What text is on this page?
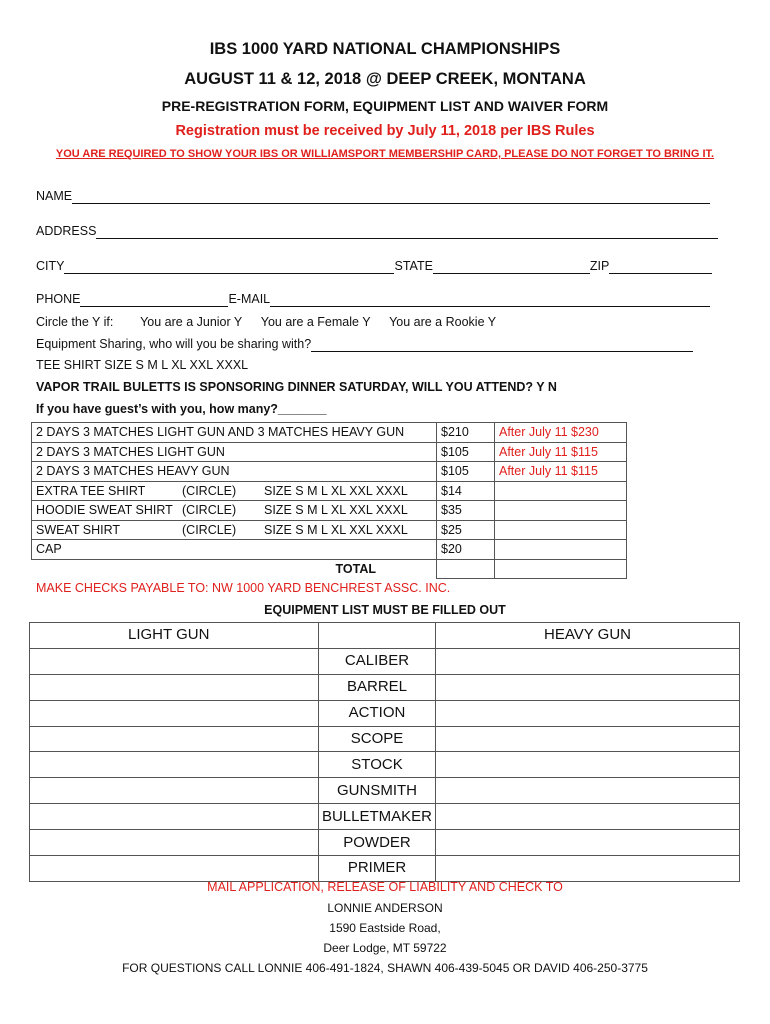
IBS 1000 YARD NATIONAL CHAMPIONSHIPS
AUGUST 11 & 12, 2018 @ DEEP CREEK, MONTANA
PRE-REGISTRATION FORM, EQUIPMENT LIST AND WAIVER FORM
Registration must be received by July 11, 2018 per IBS Rules
YOU ARE REQUIRED TO SHOW YOUR IBS OR WILLIAMSPORT MEMBERSHIP CARD, PLEASE DO NOT FORGET TO BRING IT.
NAME
ADDRESS
CITY	STATE	ZIP
PHONE	E-MAIL
Circle the Y if: You are a Junior Y You are a Female Y You are a Rookie Y
Equipment Sharing, who will you be sharing with?
TEE SHIRT SIZE S M L XL XXL XXXL
VAPOR TRAIL BULETTS IS SPONSORING DINNER SATURDAY, WILL YOU ATTEND? Y N
If you have guest’s with you, how many?_______
2 DAYS 3 MATCHES LIGHT GUN AND 3 MATCHES HEAVY GUN	$210	After July 11 $230
2 DAYS 3 MATCHES LIGHT GUN	$105	After July 11 $115
2 DAYS 3 MATCHES HEAVY GUN	$105	After July 11 $115
EXTRA TEE SHIRT (CIRCLE) SIZE S M L XL XXL XXXL	$14	
HOODIE SWEAT SHIRT (CIRCLE) SIZE S M L XL XXL XXXL	$35	
SWEAT SHIRT (CIRCLE) SIZE S M L XL XXL XXXL	$25	
CAP	$20	
TOTAL		
MAKE CHECKS PAYABLE TO: NW 1000 YARD BENCHREST ASSC. INC.
EQUIPMENT LIST MUST BE FILLED OUT
LIGHT GUN		HEAVY GUN
	CALIBER	
	BARREL	
	ACTION	
	SCOPE	
	STOCK	
	GUNSMITH	
	BULLETMAKER	
	POWDER	
	PRIMER	
MAIL APPLICATION, RELEASE OF LIABILITY AND CHECK TO
LONNIE ANDERSON
1590 Eastside Road,
Deer Lodge, MT 59722
FOR QUESTIONS CALL LONNIE 406-491-1824, SHAWN 406-439-5045 OR DAVID 406-250-3775
